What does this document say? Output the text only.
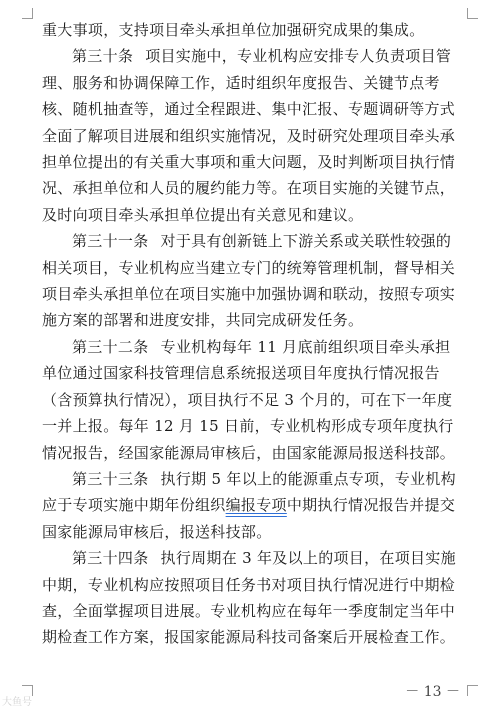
重大事项，支持项目牵头承担单位加强研究成果的集成。

第三十条 项目实施中，专业机构应安排专人负责项目管理、服务和协调保障工作，适时组织年度报告、关键节点考核、随机抽查等，通过全程跟进、集中汇报、专题调研等方式全面了解项目进展和组织实施情况，及时研究处理项目牵头承担单位提出的有关重大事项和重大问题，及时判断项目执行情况、承担单位和人员的履约能力等。在项目实施的关键节点，及时向项目牵头承担单位提出有关意见和建议。

第三十一条 对于具有创新链上下游关系或关联性较强的相关项目，专业机构应当建立专门的统筹管理机制，督导相关项目牵头承担单位在项目实施中加强协调和联动，按照专项实施方案的部署和进度安排，共同完成研发任务。

第三十二条 专业机构每年 11 月底前组织项目牵头承担单位通过国家科技管理信息系统报送项目年度执行情况报告（含预算执行情况），项目执行不足 3 个月的，可在下一年度一并上报。每年 12 月 15 日前，专业机构形成专项年度执行情况报告，经国家能源局审核后，由国家能源局报送科技部。

第三十三条 执行期 5 年以上的能源重点专项，专业机构应于专项实施中期年份组织编报专项中期执行情况报告并提交国家能源局审核后，报送科技部。

第三十四条 执行周期在 3 年及以上的项目，在项目实施中期，专业机构应按照项目任务书对项目执行情况进行中期检查，全面掌握项目进展。专业机构应在每年一季度制定当年中期检查工作方案，报国家能源局科技司备案后开展检查工作。

－ 13 －
大鱼号
